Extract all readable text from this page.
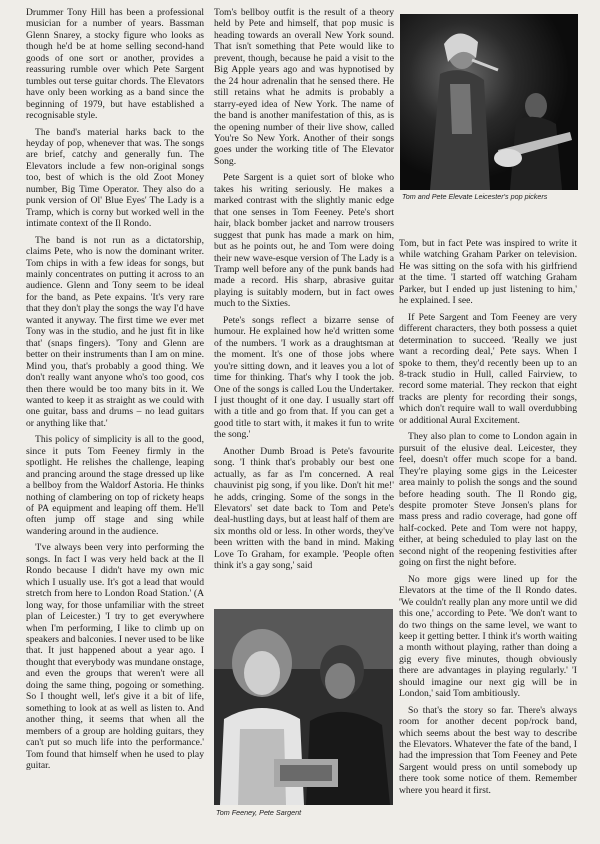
Drummer Tony Hill has been a professional musician for a number of years. Bassman Glenn Snarey, a stocky figure who looks as though he'd be at home selling second-hand goods of one sort or another, provides a reassuring rumble over which Pete Sargent tumbles out terse guitar chords. The Elevators have only been working as a band since the beginning of 1979, but have established a recognisable style.

The band's material harks back to the heyday of pop, whenever that was. The songs are brief, catchy and generally fun. The Elevators include a few non-original songs too, best of which is the old Zoot Money number, Big Time Operator. They also do a punk version of Ol' Blue Eyes' The Lady is a Tramp, which is corny but worked well in the intimate context of the Il Rondo.

The band is not run as a dictatorship, claims Pete, who is now the dominant writer. Tom chips in with a few ideas for songs, but mainly concentrates on putting it across to an audience. Glenn and Tony seem to be ideal for the band, as Pete expains. 'It's very rare that they don't play the songs the way I'd have wanted it anyway. The first time we ever met Tony was in the studio, and he just fit in like that' (snaps fingers). 'Tony and Glenn are better on their instruments than I am on mine. Mind you, that's probably a good thing. We don't really want anyone who's too good, cos then there would be too many bits in it. We wanted to keep it as straight as we could with one guitar, bass and drums – no lead guitars or anything like that.'

This policy of simplicity is all to the good, since it puts Tom Feeney firmly in the spotlight. He relishes the challenge, leaping and prancing around the stage dressed up like a bellboy from the Waldorf Astoria. He thinks nothing of clambering on top of rickety heaps of PA equipment and leaping off them. He'll often jump off stage and sing while wandering around in the audience.

'I've always been very into performing the songs. In fact I was very held back at the Il Rondo because I didn't have my own mic which I usually use. It's got a lead that would stretch from here to London Road Station.' (A long way, for those unfamiliar with the street plan of Leicester.) 'I try to get everywhere when I'm performing, I like to climb up on speakers and balconies. I never used to be like that. It just happened about a year ago. I thought that everybody was mundane onstage, and even the groups that weren't were all doing the same thing, pogoing or something. So I thought well, let's give it a bit of life, something to look at as well as listen to. And another thing, it seems that when all the members of a group are holding guitars, they can't put so much life into the performance.' Tom found that himself when he used to play guitar.

Tom's bellboy outfit is the result of a theory held by Pete and himself, that pop music is heading towards an overall New York sound. That isn't something that Pete would like to prevent, though, because he paid a visit to the Big Apple years ago and was hypnotised by the 24 hour adrenalin that he sensed there. He still retains what he admits is probably a starry-eyed idea of New York. The name of the band is another manifestation of this, as is the opening number of their live show, called You're So New York. Another of their songs goes under the working title of The Elevator Song.

Pete Sargent is a quiet sort of bloke who takes his writing seriously. He makes a marked contrast with the slightly manic edge that one senses in Tom Feeney. Pete's short hair, black bomber jacket and narrow trousers suggest that punk has made a mark on him, but as he points out, he and Tom were doing their new wave-esque version of The Lady is a Tramp well before any of the punk bands had made a record. His sharp, abrasive guitar playing is suitably modern, but in fact owes much to the Sixties.

Pete's songs reflect a bizarre sense of humour. He explained how he'd written some of the numbers. 'I work as a draughtsman at the moment. It's one of those jobs where you're sitting down, and it leaves you a lot of time for thinking. That's why I took the job. One of the songs is called Lou the Undertaker. I just thought of it one day. I usually start off with a title and go from that. If you can get a good title to start with, it makes it fun to write the song.'

Another Dumb Broad is Pete's favourite song. 'I think that's probably our best one actually, as far as I'm concerned. A real chauvinist pig song, if you like. Don't hit me!' he adds, cringing. Some of the songs in the Elevators' set date back to Tom and Pete's deal-hustling days, but at least half of them are six months old or less. In other words, they've been written with the band in mind. Making Love To Graham, for example. 'People often think it's a gay song,' said

Tom and Pete Elevate Leicester's pop pickers

Tom, but in fact Pete was inspired to write it while watching Graham Parker on television. He was sitting on the sofa with his girlfriend at the time. 'I started off watching Graham Parker, but I ended up just listening to him,' he explained. I see.

If Pete Sargent and Tom Feeney are very different characters, they both possess a quiet determination to succeed. 'Really we just want a recording deal,' Pete says. When I spoke to them, they'd recently been up to an 8-track studio in Hull, called Fairview, to record some material. They reckon that eight tracks are plenty for recording their songs, which don't require wall to wall overdubbing or additional Aural Excitement.

They also plan to come to London again in pursuit of the elusive deal. Leicester, they feel, doesn't offer much scope for a band. They're playing some gigs in the Leicester area mainly to polish the songs and the sound before heading south. The Il Rondo gig, despite promoter Steve Jonsen's plans for mass press and radio coverage, had gone off half-cocked. Pete and Tom were not happy, either, at being scheduled to play last on the second night of the reopening festivities after going on first the night before.

No more gigs were lined up for the Elevators at the time of the Il Rondo dates. 'We couldn't really plan any more until we did this one,' according to Pete. 'We don't want to do two things on the same level, we want to keep it getting better. I think it's worth waiting a month without playing, rather than doing a gig every five minutes, though obviously there are advantages in playing regularly.' 'I should imagine our next gig will be in London,' said Tom ambitiously.

So that's the story so far. There's always room for another decent pop/rock band, which seems about the best way to describe the Elevators. Whatever the fate of the band, I had the impression that Tom Feeney and Pete Sargent would press on until somebody up there took some notice of them. Remember where you heard it first.

Tom Feeney, Pete Sargent
